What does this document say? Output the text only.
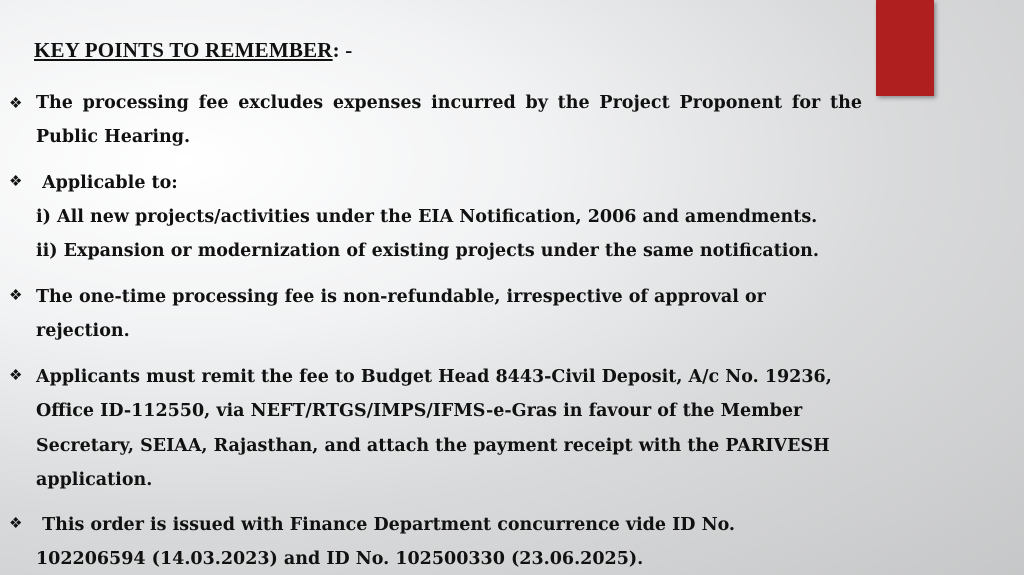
KEY POINTS TO REMEMBER: -
❖ The processing fee excludes expenses incurred by the Project Proponent for the
Public Hearing.
❖ Applicable to:
i) All new projects/activities under the EIA Notification, 2006 and amendments.
ii) Expansion or modernization of existing projects under the same notification.
❖ The one-time processing fee is non-refundable, irrespective of approval or
rejection.
❖ Applicants must remit the fee to Budget Head 8443-Civil Deposit, A/c No. 19236,
Office ID-112550, via NEFT/RTGS/IMPS/IFMS-e-Gras in favour of the Member
Secretary, SEIAA, Rajasthan, and attach the payment receipt with the PARIVESH
application.
❖ This order is issued with Finance Department concurrence vide ID No.
102206594 (14.03.2023) and ID No. 102500330 (23.06.2025).
